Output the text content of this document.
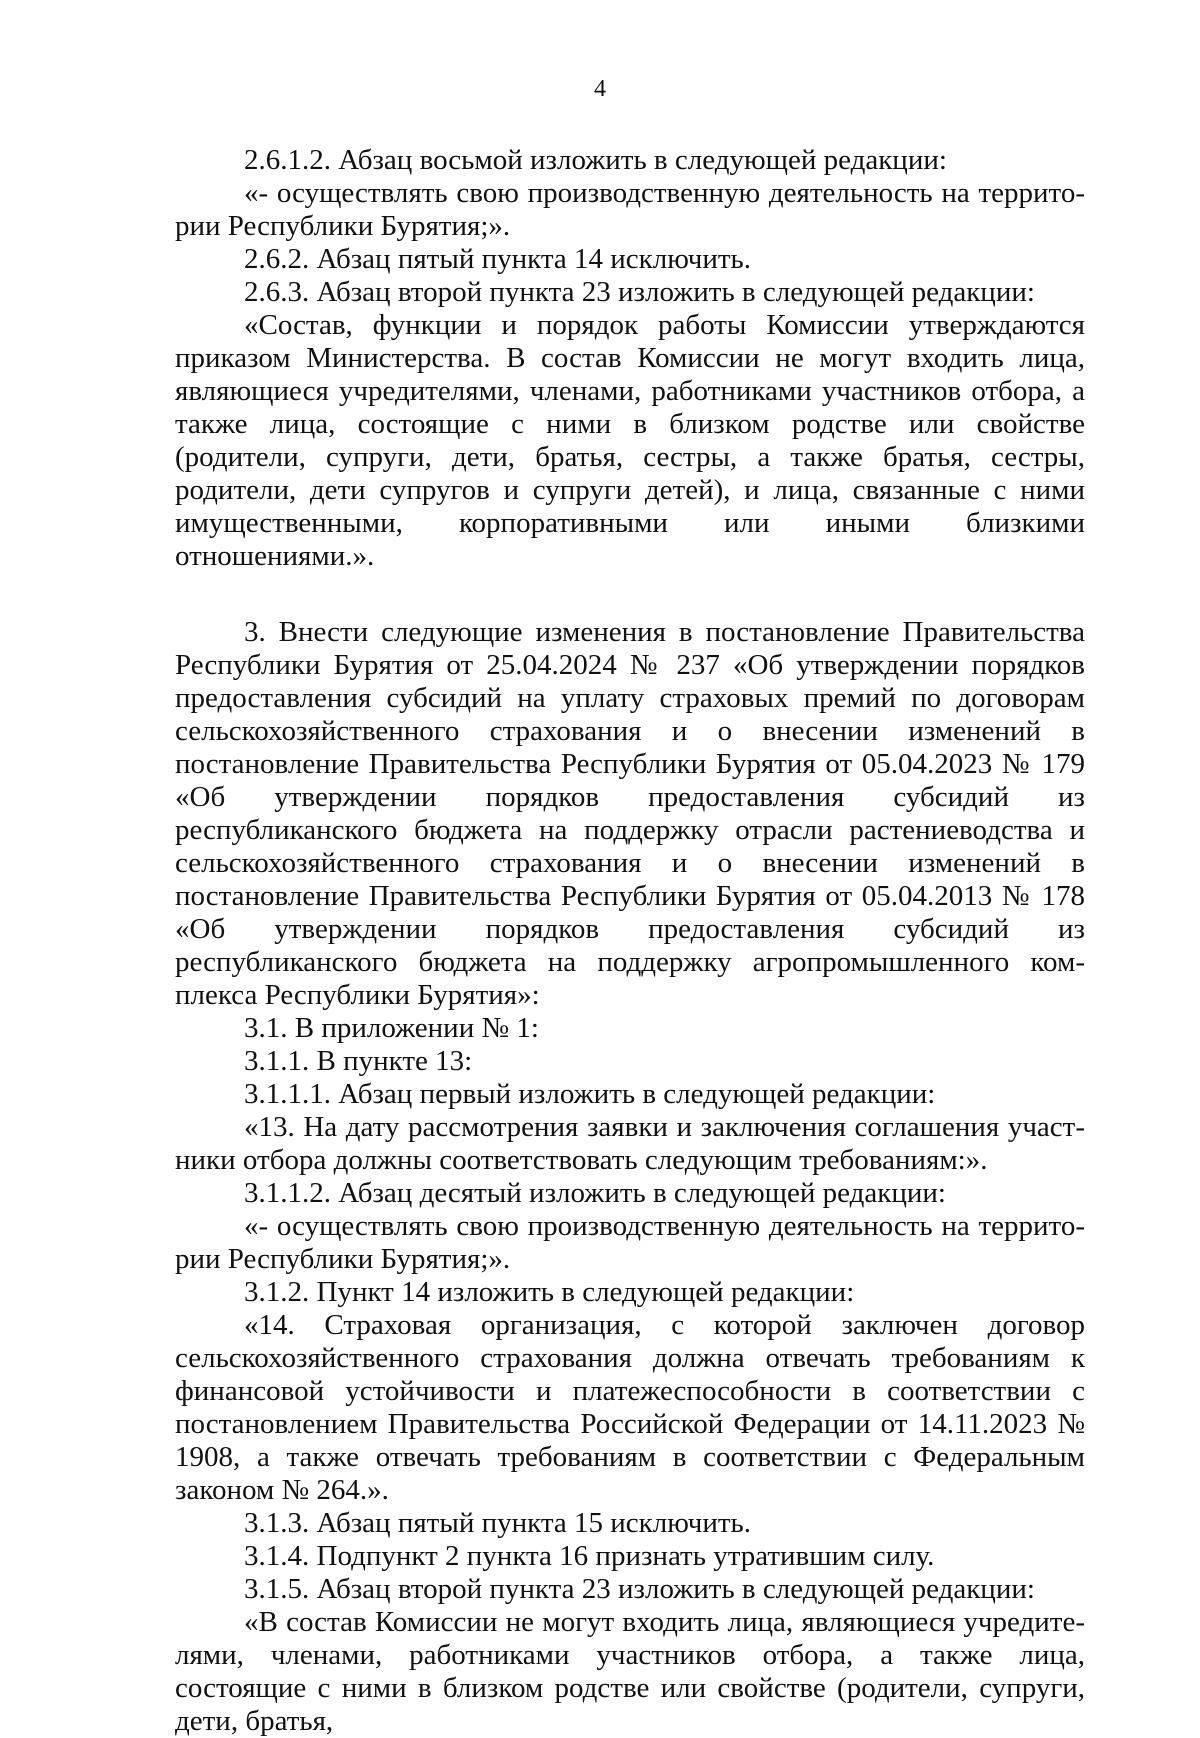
4

2.6.1.2. Абзац восьмой изложить в следующей редакции:

«- осуществлять свою производственную деятельность на территории Республики Бурятия;».

2.6.2. Абзац пятый пункта 14 исключить.

2.6.3. Абзац второй пункта 23 изложить в следующей редакции:

«Состав, функции и порядок работы Комиссии утверждаются приказом Министерства. В состав Комиссии не могут входить лица, являющиеся учредителями, членами, работниками участников отбора, а также лица, состоящие с ними в близком родстве или свойстве (родители, супруги, дети, братья, сестры, а также братья, сестры, родители, дети супругов и супруги детей), и лица, связанные с ними имущественными, корпоративными или иными близкими отношениями.».

3. Внести следующие изменения в постановление Правительства Республики Бурятия от 25.04.2024 № 237 «Об утверждении порядков предоставления субсидий на уплату страховых премий по договорам сельскохозяйственного страхования и о внесении изменений в постановление Правительства Республики Бурятия от 05.04.2023 № 179 «Об утверждении порядков предоставления субсидий из республиканского бюджета на поддержку отрасли растениеводства и сельскохозяйственного страхования и о внесении изменений в постановление Правительства Республики Бурятия от 05.04.2013 № 178 «Об утверждении порядков предоставления субсидий из республиканского бюджета на поддержку агропромышленного комплекса Республики Бурятия»:

3.1. В приложении № 1:

3.1.1. В пункте 13:

3.1.1.1. Абзац первый изложить в следующей редакции:

«13. На дату рассмотрения заявки и заключения соглашения участники отбора должны соответствовать следующим требованиям:».

3.1.1.2. Абзац десятый изложить в следующей редакции:

«- осуществлять свою производственную деятельность на территории Республики Бурятия;».

3.1.2. Пункт 14 изложить в следующей редакции:

«14. Страховая организация, с которой заключен договор сельскохозяйственного страхования должна отвечать требованиям к финансовой устойчивости и платежеспособности в соответствии с постановлением Правительства Российской Федерации от 14.11.2023 № 1908, а также отвечать требованиям в соответствии с Федеральным законом № 264.».

3.1.3. Абзац пятый пункта 15 исключить.

3.1.4. Подпункт 2 пункта 16 признать утратившим силу.

3.1.5. Абзац второй пункта 23 изложить в следующей редакции:

«В состав Комиссии не могут входить лица, являющиеся учредителями, членами, работниками участников отбора, а также лица, состоящие с ними в близком родстве или свойстве (родители, супруги, дети, братья,
